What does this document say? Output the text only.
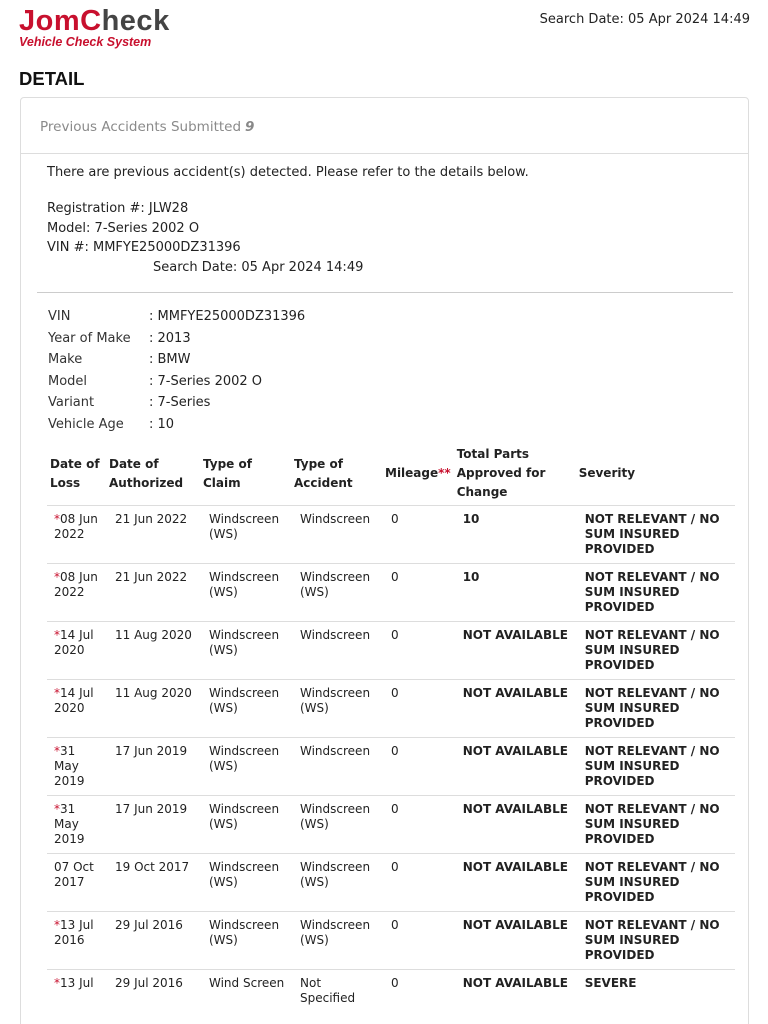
JomCheck
Vehicle Check System
Search Date: 05 Apr 2024 14:49
DETAIL
Previous Accidents Submitted 9
There are previous accident(s) detected. Please refer to the details below.
Registration #: JLW28
Model: 7-Series 2002 O
VIN #: MMFYE25000DZ31396
Search Date: 05 Apr 2024 14:49
VIN	: MMFYE25000DZ31396
Year of Make	: 2013
Make	: BMW
Model	: 7-Series 2002 O
Variant	: 7-Series
Vehicle Age	: 10
Date of Loss	Date of Authorized	Type of Claim	Type of Accident	Mileage**	Total Parts Approved for Change	Severity
*08 Jun 2022	21 Jun 2022	Windscreen (WS)	Windscreen	0	10	NOT RELEVANT / NO SUM INSURED PROVIDED
*08 Jun 2022	21 Jun 2022	Windscreen (WS)	Windscreen (WS)	0	10	NOT RELEVANT / NO SUM INSURED PROVIDED
*14 Jul 2020	11 Aug 2020	Windscreen (WS)	Windscreen	0	NOT AVAILABLE	NOT RELEVANT / NO SUM INSURED PROVIDED
*14 Jul 2020	11 Aug 2020	Windscreen (WS)	Windscreen (WS)	0	NOT AVAILABLE	NOT RELEVANT / NO SUM INSURED PROVIDED
*31 May 2019	17 Jun 2019	Windscreen (WS)	Windscreen	0	NOT AVAILABLE	NOT RELEVANT / NO SUM INSURED PROVIDED
*31 May 2019	17 Jun 2019	Windscreen (WS)	Windscreen (WS)	0	NOT AVAILABLE	NOT RELEVANT / NO SUM INSURED PROVIDED
07 Oct 2017	19 Oct 2017	Windscreen (WS)	Windscreen (WS)	0	NOT AVAILABLE	NOT RELEVANT / NO SUM INSURED PROVIDED
*13 Jul 2016	29 Jul 2016	Windscreen (WS)	Windscreen (WS)	0	NOT AVAILABLE	NOT RELEVANT / NO SUM INSURED PROVIDED
*13 Jul	29 Jul 2016	Wind Screen	Not Specified	0	NOT AVAILABLE	SEVERE
